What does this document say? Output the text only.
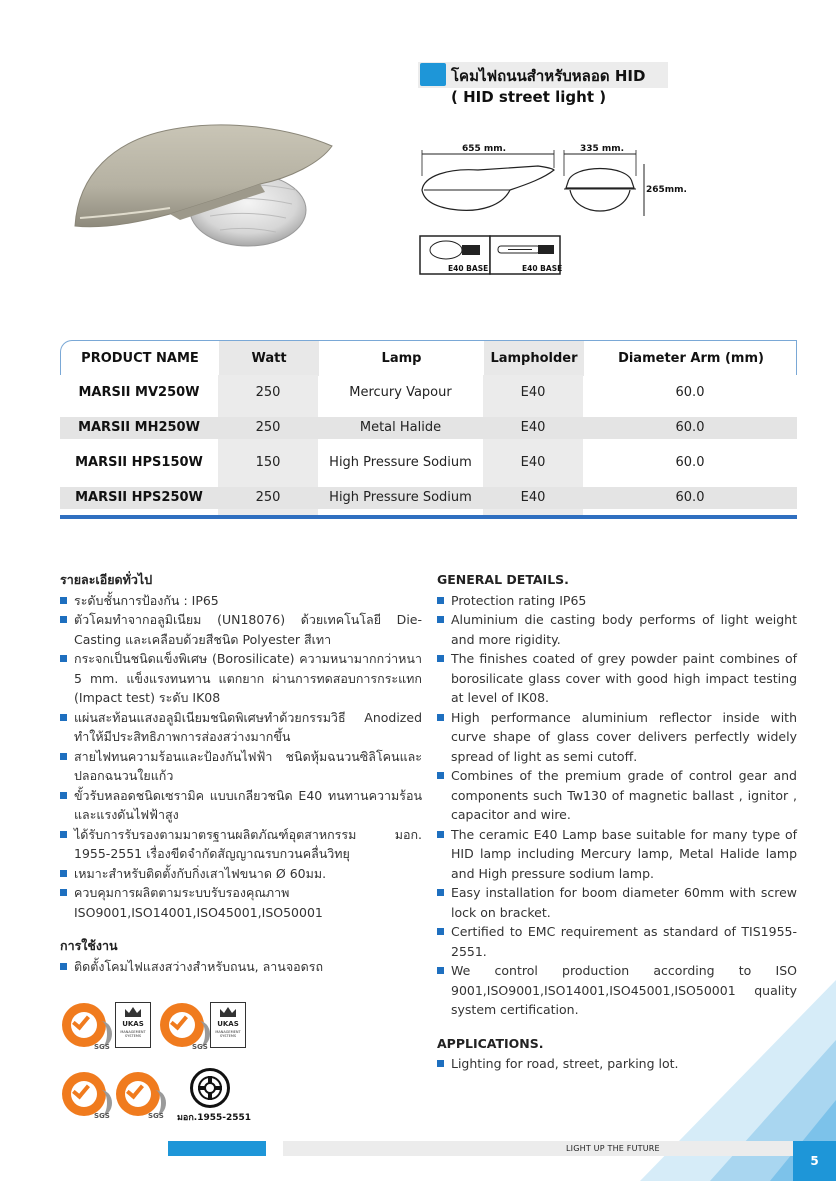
โคมไฟถนนสำหรับหลอด HID
( HID street light )
655 mm.	335 mm.
265mm.
E40 BASE	E40 BASE
PRODUCT NAME	Watt	Lamp	Lampholder	Diameter Arm (mm)
MARSII MV250W	250	Mercury Vapour	E40	60.0
MARSII MH250W	250	Metal Halide	E40	60.0
MARSII HPS150W	150	High Pressure Sodium	E40	60.0
MARSII HPS250W	250	High Pressure Sodium	E40	60.0
รายละเอียดทั่วไป
ระดับชั้นการป้องกัน : IP65
ตัวโคมทำจากอลูมิเนียม (UN18076) ด้วยเทคโนโลยี Die-Casting และเคลือบด้วยสีชนิด Polyester สีเทา
กระจกเป็นชนิดแข็งพิเศษ (Borosilicate) ความหนามากกว่าหนา 5 mm. แข็งแรงทนทาน แตกยาก ผ่านการทดสอบการกระแทก (Impact test) ระดับ IK08
แผ่นสะท้อนแสงอลูมิเนียมชนิดพิเศษทำด้วยกรรมวิธี Anodized ทำให้มีประสิทธิภาพการส่องสว่างมากขึ้น
สายไฟทนความร้อนและป้องกันไฟฟ้า ชนิดหุ้มฉนวนซิลิโคนและปลอกฉนวนใยแก้ว
ขั้วรับหลอดชนิดเซรามิค แบบเกลียวชนิด E40 ทนทานความร้อนและแรงดันไฟฟ้าสูง
ได้รับการรับรองตามมาตรฐานผลิตภัณฑ์อุตสาหกรรม มอก. 1955-2551 เรื่องขีดจำกัดสัญญาณรบกวนคลื่นวิทยุ
เหมาะสำหรับติดตั้งกับกิ่งเสาไฟขนาด Ø 60มม.
ควบคุมการผลิตตามระบบรับรองคุณภาพ ISO9001,ISO14001,ISO45001,ISO50001
การใช้งาน
ติดตั้งโคมไฟแสงสว่างสำหรับถนน, ลานจอดรถ
GENERAL DETAILS.
Protection rating IP65
Aluminium die casting body performs of light weight and more rigidity.
The finishes coated of grey powder paint combines of borosilicate glass cover with good high impact testing at level of IK08.
High performance aluminium reflector inside with curve shape of glass cover delivers perfectly widely spread of light as semi cutoff.
Combines of the premium grade of control gear and components such Tw130 of magnetic ballast , ignitor , capacitor and wire.
The ceramic E40 Lamp base suitable for many type of HID lamp including Mercury lamp, Metal Halide lamp and High pressure sodium lamp.
Easy installation for boom diameter 60mm with screw lock on bracket.
Certified to EMC requirement as standard of TIS1955-2551.
We control production according to ISO 9001,ISO9001,ISO14001,ISO45001,ISO50001 quality system certification.
APPLICATIONS.
Lighting for road, street, parking lot.
SGS
UKAS
MANAGEMENT SYSTEMS
SGS
UKAS
MANAGEMENT SYSTEMS
SGS	SGS มอก.1955-2551
LIGHT UP THE FUTURE
5
